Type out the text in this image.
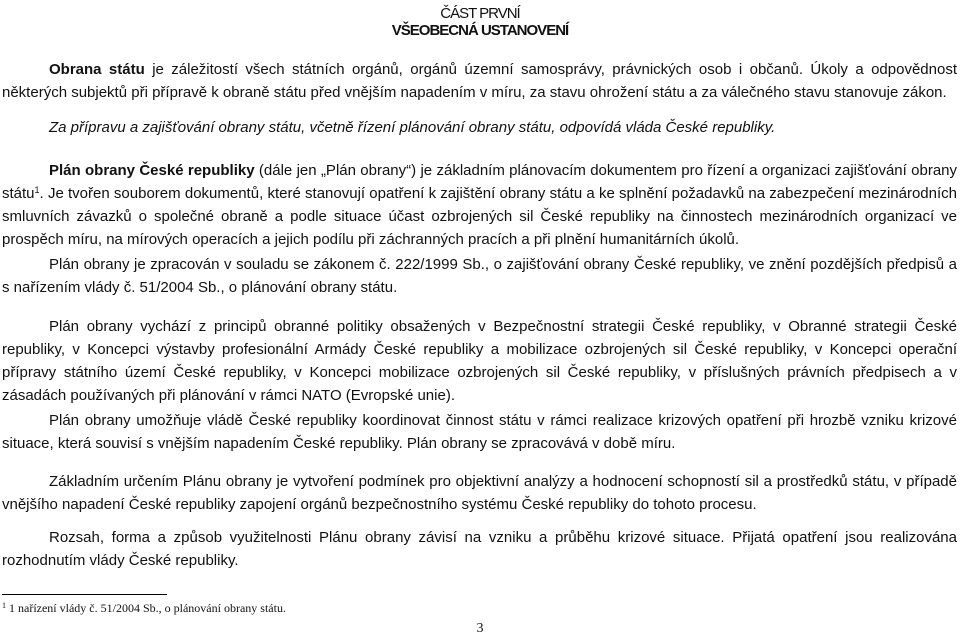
ČÁST PRVNÍ
VŠEOBECNÁ USTANOVENÍ
Obrana státu je záležitostí všech státních orgánů, orgánů územní samosprávy, právnických osob i občanů. Úkoly a odpovědnost některých subjektů při přípravě k obraně státu před vnějším napadením v míru, za stavu ohrožení státu a za válečného stavu stanovuje zákon.
Za přípravu a zajišťování obrany státu, včetně řízení plánování obrany státu, odpovídá vláda České republiky.
Plán obrany České republiky (dále jen „Plán obrany“) je základním plánovacím dokumentem pro řízení a organizaci zajišťování obrany státu$^1$. Je tvořen souborem dokumentů, které stanovují opatření k zajištění obrany státu a ke splnění požadavků na zabezpečení mezinárodních smluvních závazků o společné obraně a podle situace účast ozbrojených sil České republiky na činnostech mezinárodních organizací ve prospěch míru, na mírových operacích a jejich podílu při záchranných pracích a při plnění humanitárních úkolů.
Plán obrany je zpracován v souladu se zákonem č. 222/1999 Sb., o zajišťování obrany České republiky, ve znění pozdějších předpisů a s nařízením vlády č. 51/2004 Sb., o plánování obrany státu.
Plán obrany vychází z principů obranné politiky obsažených v Bezpečnostní strategii České republiky, v Obranné strategii České republiky, v Koncepci výstavby profesionální Armády České republiky a mobilizace ozbrojených sil České republiky, v Koncepci operační přípravy státního území České republiky, v Koncepci mobilizace ozbrojených sil České republiky, v příslušných právních předpisech a v zásadách používaných při plánování v rámci NATO (Evropské unie).
Plán obrany umožňuje vládě České republiky koordinovat činnost státu v rámci realizace krizových opatření při hrozbě vzniku krizové situace, která souvisí s vnějším napadením České republiky. Plán obrany se zpracovává v době míru.
Základním určením Plánu obrany je vytvoření podmínek pro objektivní analýzy a hodnocení schopností sil a prostředků státu, v případě vnějšího napadení České republiky zapojení orgánů bezpečnostního systému České republiky do tohoto procesu.
Rozsah, forma a způsob využitelnosti Plánu obrany závisí na vzniku a průběhu krizové situace. Přijatá opatření jsou realizována rozhodnutím vlády České republiky.
$^1$ 1 nařízení vlády č. 51/2004 Sb., o plánování obrany státu.
3
